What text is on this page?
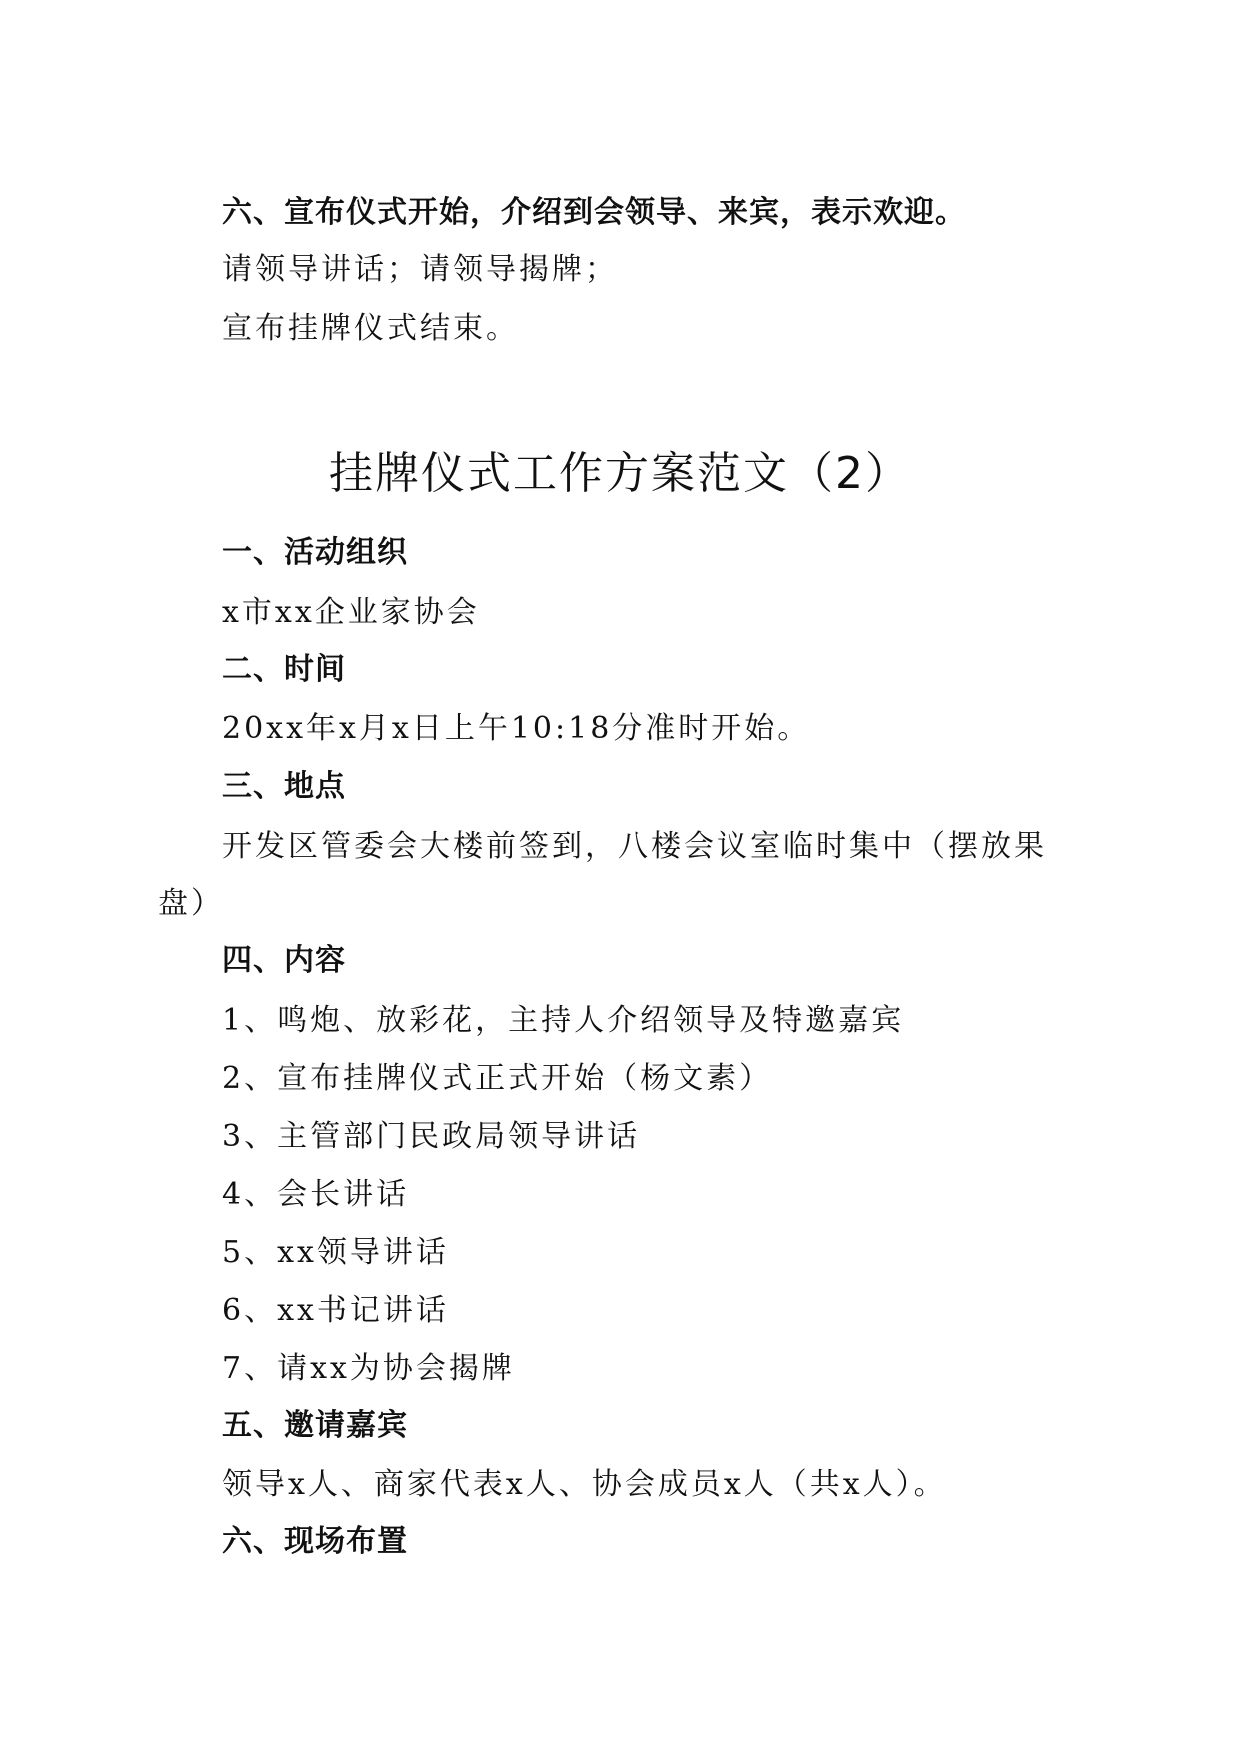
六、宣布仪式开始，介绍到会领导、来宾，表示欢迎。
请领导讲话；请领导揭牌；
宣布挂牌仪式结束。
挂牌仪式工作方案范文（2）
一、活动组织
x市xx企业家协会
二、时间
20xx年x月x日上午10:18分准时开始。
三、地点
开发区管委会大楼前签到，八楼会议室临时集中（摆放果盘）
四、内容
1、鸣炮、放彩花，主持人介绍领导及特邀嘉宾
2、宣布挂牌仪式正式开始（杨文素）
3、主管部门民政局领导讲话
4、会长讲话
5、xx领导讲话
6、xx书记讲话
7、请xx为协会揭牌
五、邀请嘉宾
领导x人、商家代表x人、协会成员x人（共x人）。
六、现场布置
